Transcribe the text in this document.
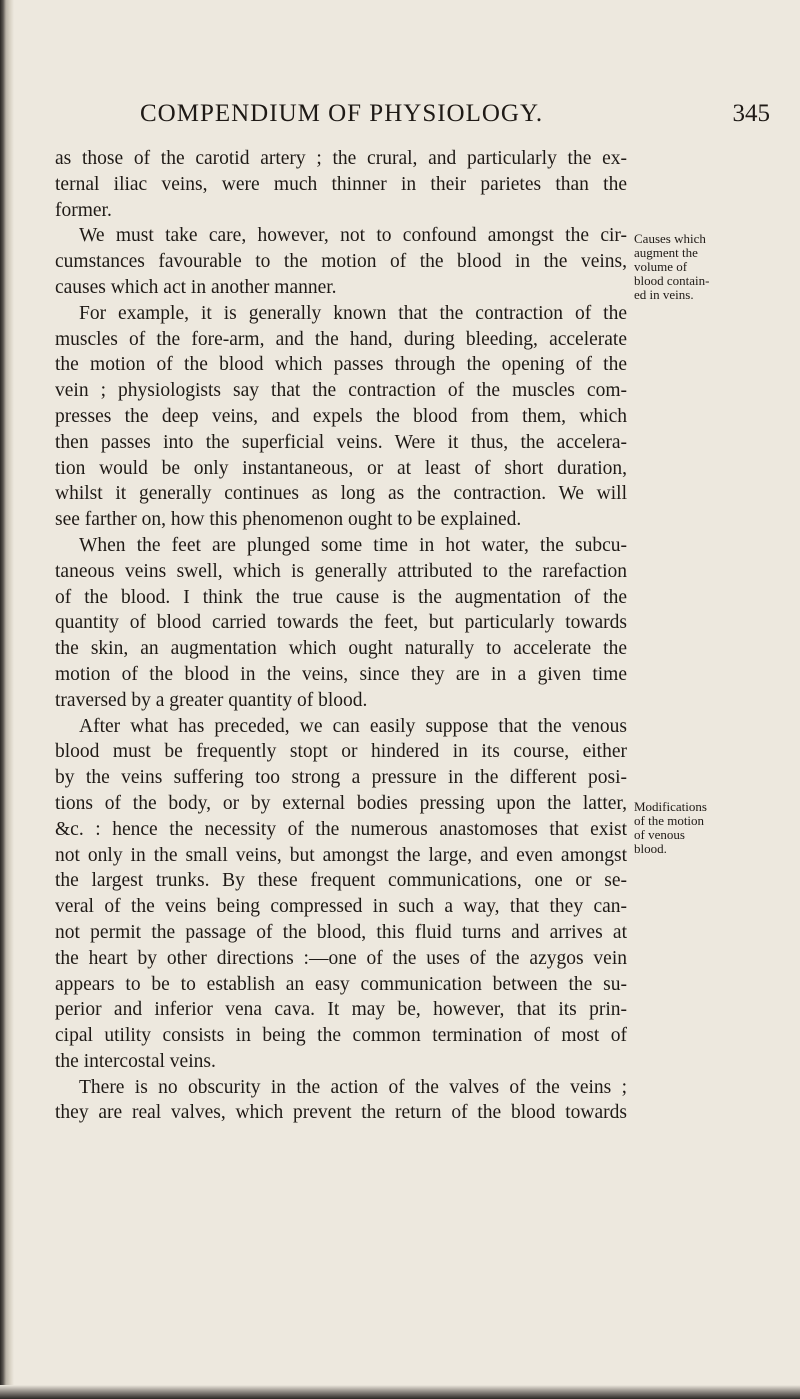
COMPENDIUM OF PHYSIOLOGY.	345
as those of the carotid artery ; the crural, and particularly the ex-
ternal iliac veins, were much thinner in their parietes than the
former.
We must take care, however, not to confound amongst the cir-
cumstances favourable to the motion of the blood in the veins,
causes which act in another manner.
For example, it is generally known that the contraction of the
muscles of the fore-arm, and the hand, during bleeding, accelerate
the motion of the blood which passes through the opening of the
vein ; physiologists say that the contraction of the muscles com-
presses the deep veins, and expels the blood from them, which
then passes into the superficial veins. Were it thus, the accelera-
tion would be only instantaneous, or at least of short duration,
whilst it generally continues as long as the contraction. We will
see farther on, how this phenomenon ought to be explained.
When the feet are plunged some time in hot water, the subcu-
taneous veins swell, which is generally attributed to the rarefaction
of the blood. I think the true cause is the augmentation of the
quantity of blood carried towards the feet, but particularly towards
the skin, an augmentation which ought naturally to accelerate the
motion of the blood in the veins, since they are in a given time
traversed by a greater quantity of blood.
After what has preceded, we can easily suppose that the venous
blood must be frequently stopt or hindered in its course, either
by the veins suffering too strong a pressure in the different posi-
tions of the body, or by external bodies pressing upon the latter,
&c. : hence the necessity of the numerous anastomoses that exist
not only in the small veins, but amongst the large, and even amongst
the largest trunks. By these frequent communications, one or se-
veral of the veins being compressed in such a way, that they can-
not permit the passage of the blood, this fluid turns and arrives at
the heart by other directions :—one of the uses of the azygos vein
appears to be to establish an easy communication between the su-
perior and inferior vena cava. It may be, however, that its prin-
cipal utility consists in being the common termination of most of
the intercostal veins.
There is no obscurity in the action of the valves of the veins ;
they are real valves, which prevent the return of the blood towards
Causes which
augment the
volume of
blood contain-
ed in veins.
Modifications
of the motion
of venous
blood.
